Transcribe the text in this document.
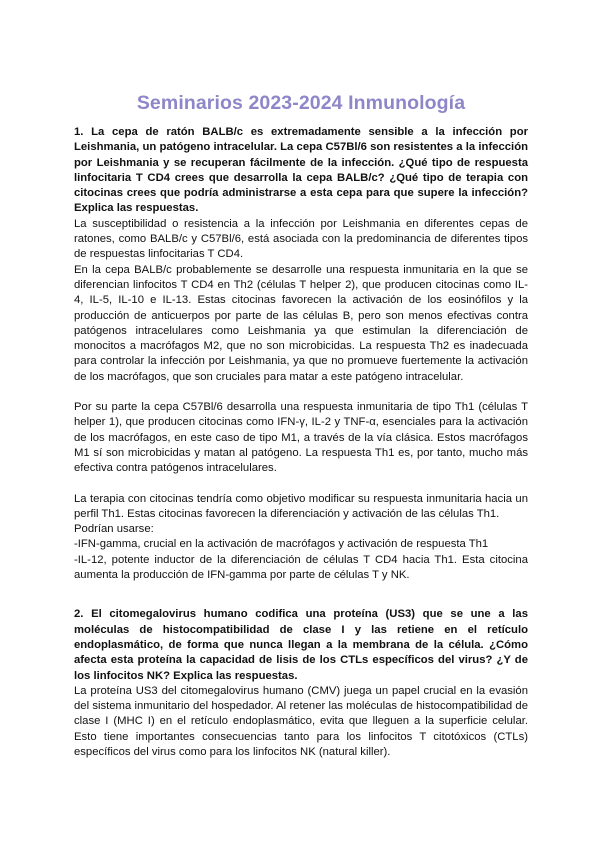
Seminarios 2023-2024 Inmunología

1. La cepa de ratón BALB/c es extremadamente sensible a la infección por Leishmania, un patógeno intracelular. La cepa C57Bl/6 son resistentes a la infección por Leishmania y se recuperan fácilmente de la infección. ¿Qué tipo de respuesta linfocitaria T CD4 crees que desarrolla la cepa BALB/c? ¿Qué tipo de terapia con citocinas crees que podría administrarse a esta cepa para que supere la infección? Explica las respuestas.

La susceptibilidad o resistencia a la infección por Leishmania en diferentes cepas de ratones, como BALB/c y C57Bl/6, está asociada con la predominancia de diferentes tipos de respuestas linfocitarias T CD4.

En la cepa BALB/c probablemente se desarrolle una respuesta inmunitaria en la que se diferencian linfocitos T CD4 en Th2 (células T helper 2), que producen citocinas como IL-4, IL-5, IL-10 e IL-13. Estas citocinas favorecen la activación de los eosinófilos y la producción de anticuerpos por parte de las células B, pero son menos efectivas contra patógenos intracelulares como Leishmania ya que estimulan la diferenciación de monocitos a macrófagos M2, que no son microbicidas. La respuesta Th2 es inadecuada para controlar la infección por Leishmania, ya que no promueve fuertemente la activación de los macrófagos, que son cruciales para matar a este patógeno intracelular.

Por su parte la cepa C57Bl/6 desarrolla una respuesta inmunitaria de tipo Th1 (células T helper 1), que producen citocinas como IFN-γ, IL-2 y TNF-α, esenciales para la activación de los macrófagos, en este caso de tipo M1, a través de la vía clásica. Estos macrófagos M1 sí son microbicidas y matan al patógeno. La respuesta Th1 es, por tanto, mucho más efectiva contra patógenos intracelulares.

La terapia con citocinas tendría como objetivo modificar su respuesta inmunitaria hacia un perfil Th1. Estas citocinas favorecen la diferenciación y activación de las células Th1.

Podrían usarse:

-IFN-gamma, crucial en la activación de macrófagos y activación de respuesta Th1

-IL-12, potente inductor de la diferenciación de células T CD4 hacia Th1. Esta citocina aumenta la producción de IFN-gamma por parte de células T y NK.

2. El citomegalovirus humano codifica una proteína (US3) que se une a las moléculas de histocompatibilidad de clase I y las retiene en el retículo endoplasmático, de forma que nunca llegan a la membrana de la célula. ¿Cómo afecta esta proteína la capacidad de lisis de los CTLs específicos del virus? ¿Y de los linfocitos NK? Explica las respuestas.

La proteína US3 del citomegalovirus humano (CMV) juega un papel crucial en la evasión del sistema inmunitario del hospedador. Al retener las moléculas de histocompatibilidad de clase I (MHC I) en el retículo endoplasmático, evita que lleguen a la superficie celular. Esto tiene importantes consecuencias tanto para los linfocitos T citotóxicos (CTLs) específicos del virus como para los linfocitos NK (natural killer).
